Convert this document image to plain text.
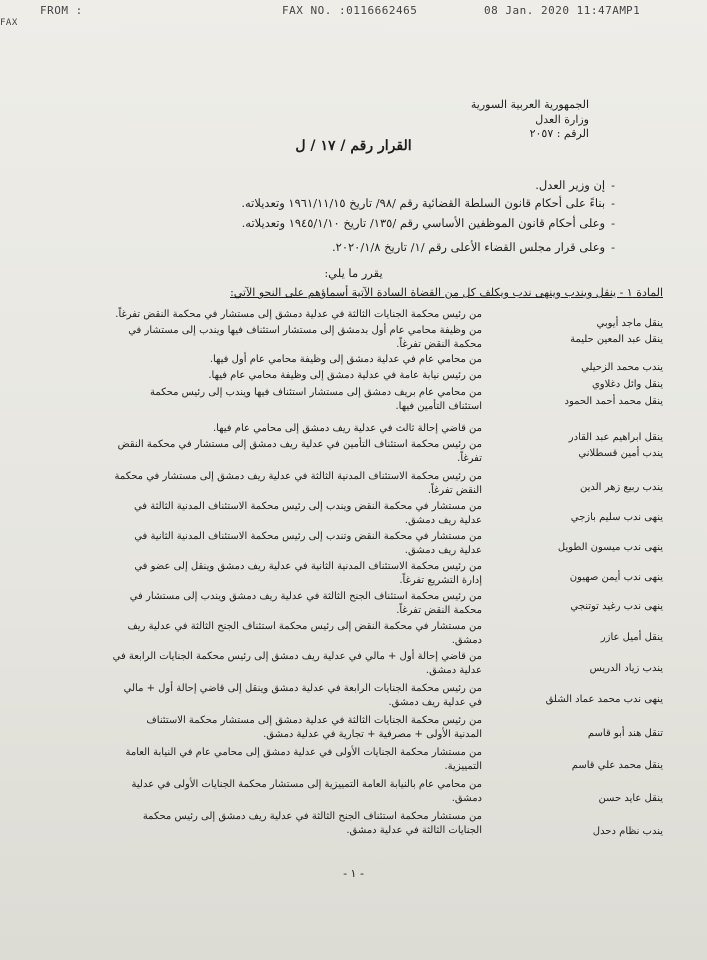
FROM :	FAX NO. :0116662465	08 Jan. 2020 11:47AM P1
FAX
الجمهورية العربية السورية
وزارة العدل
الرقم : ٢٠٥٧
القرار رقم / ١٧ / ل
-إن وزير العدل.
-بناءً على أحكام قانون السلطة القضائية رقم /٩٨/ تاريخ ١٩٦١/١١/١٥ وتعديلاته.
-وعلى أحكام قانون الموظفين الأساسي رقم /١٣٥/ تاريخ ١٩٤٥/١/١٠ وتعديلاته.
-وعلى قرار مجلس القضاء الأعلى رقم /١/ تاريخ ٢٠٢٠/١/٨.
يقرر ما يلي:
المادة ١ - ينقل ويندب وينهى ندب ويكلف كل من القضاة السادة الآتية أسماؤهم على النحو الآتي:
ينقل ماجد أيوبي
من رئيس محكمة الجنايات الثالثة في عدلية دمشق إلى مستشار في محكمة النقض تفرغاً.
ينقل عبد المعين حليمة
من وظيفة محامي عام أول بدمشق إلى مستشار استئناف فيها ويندب إلى مستشار في
محكمة النقض تفرغاً.
يندب محمد الزحيلي
من محامي عام في عدلية دمشق إلى وظيفة محامي عام أول فيها.
ينقل وائل دغلاوي
من رئيس نيابة عامة في عدلية دمشق إلى وظيفة محامي عام فيها.
ينقل محمد أحمد الحمود
من محامي عام بريف دمشق إلى مستشار استئناف فيها ويندب إلى رئيس محكمة
استئناف التأمين فيها.
ينقل ابراهيم عبد القادر
من قاضي إحالة ثالث في عدلية ريف دمشق إلى محامي عام فيها.
يندب أمين قسطلاني
من رئيس محكمة استئناف التأمين في عدلية ريف دمشق إلى مستشار في محكمة النقض
تفرغاً.
يندب ربيع زهر الدين
من رئيس محكمة الاستئناف المدنية الثالثة في عدلية ريف دمشق إلى مستشار في محكمة
النقض تفرغاً.
ينهى ندب سليم بازجي
من مستشار في محكمة النقض ويندب إلى رئيس محكمة الاستئناف المدنية الثالثة في
عدلية ريف دمشق.
ينهى ندب ميسون الطويل
من مستشار في محكمة النقض وتندب إلى رئيس محكمة الاستئناف المدنية الثانية في
عدلية ريف دمشق.
ينهى ندب أيمن صهيون
من رئيس محكمة الاستئناف المدنية الثانية في عدلية ريف دمشق وينقل إلى عضو في
إدارة التشريع تفرغاً.
ينهى ندب رغيد توتنجي
من رئيس محكمة استئناف الجنح الثالثة في عدلية ريف دمشق ويندب إلى مستشار في
محكمة النقض تفرغاً.
ينقل أميل عازر
من مستشار في محكمة النقض إلى رئيس محكمة استئناف الجنح الثالثة في عدلية ريف
دمشق.
يندب زياد الدريس
من قاضي إحالة أول + مالي في عدلية ريف دمشق إلى رئيس محكمة الجنايات الرابعة في
عدلية دمشق.
ينهى ندب محمد عماد الشلق
من رئيس محكمة الجنايات الرابعة في عدلية دمشق وينقل إلى قاضي إحالة أول + مالي
في عدلية ريف دمشق.
تنقل هند أبو قاسم
من رئيس محكمة الجنايات الثالثة في عدلية دمشق إلى مستشار محكمة الاستئناف
المدنية الأولى + مصرفية + تجارية في عدلية دمشق.
ينقل محمد علي قاسم
من مستشار محكمة الجنايات الأولى في عدلية دمشق إلى محامي عام في النيابة العامة
التمييزية.
ينقل عايد حسن
من محامي عام بالنيابة العامة التمييزية إلى مستشار محكمة الجنايات الأولى في عدلية
دمشق.
يندب نظام دحدل
من مستشار محكمة استئناف الجنح الثالثة في عدلية ريف دمشق إلى رئيس محكمة
الجنايات الثالثة في عدلية دمشق.
- ١ -
